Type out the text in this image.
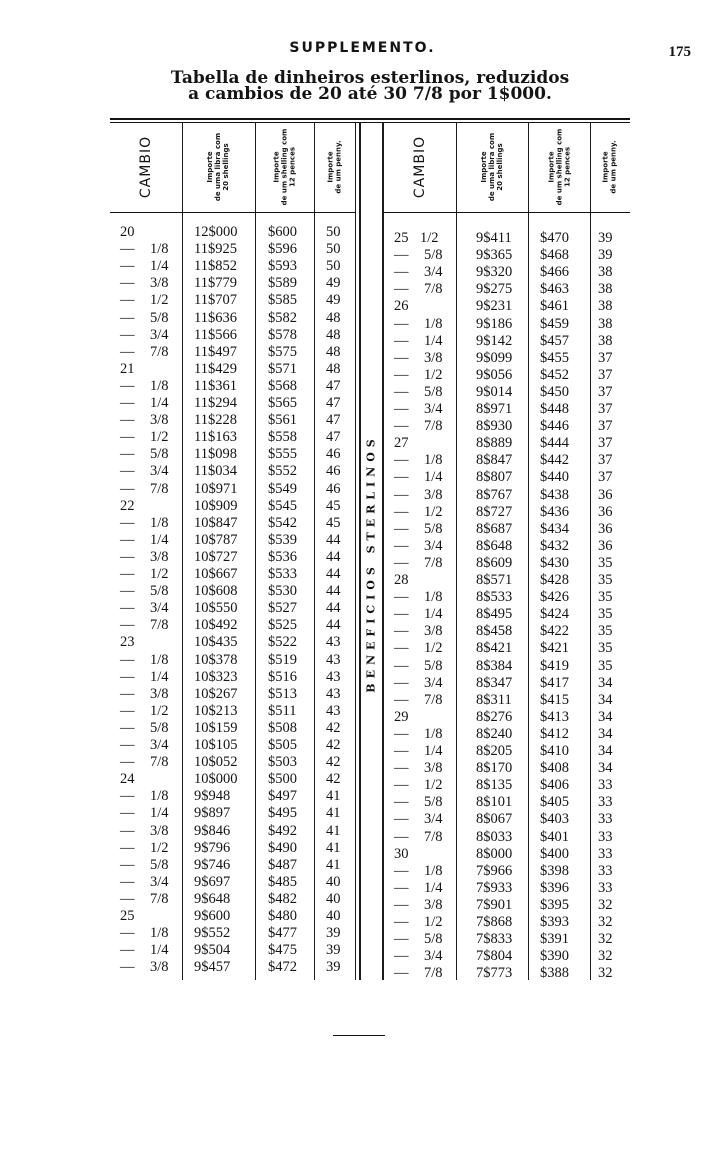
SUPPLEMENTO.	175
Tabella de dinheiros esterlinos, reduzidos
a cambios de 20 até 30 7/8 por 1$000.
CAMBIO	Importe de uma libra com 20 shellings	Importe de um shelling com 12 pences	Importe de um penny.	CAMBIO	Importe de uma libra com 20 shellings	Importe de um shelling com 12 pences	Importe de um penny.
BENEFICIOS STERLINOS
20	12$000 $600 50
— 1/8 11$925 $596 50
— 1/4 11$852 $593 50
— 3/8 11$779 $589 49
— 1/2 11$707 $585 49
— 5/8 11$636 $582 48
— 3/4 11$566 $578 48
— 7/8 11$497 $575 48
21	11$429 $571 48
— 1/8 11$361 $568 47
— 1/4 11$294 $565 47
— 3/8 11$228 $561 47
— 1/2 11$163 $558 47
— 5/8 11$098 $555 46
— 3/4 11$034 $552 46
— 7/8 10$971 $549 46
22	10$909 $545 45
— 1/8 10$847 $542 45
— 1/4 10$787 $539 44
— 3/8 10$727 $536 44
— 1/2 10$667 $533 44
— 5/8 10$608 $530 44
— 3/4 10$550 $527 44
— 7/8 10$492 $525 44
23	10$435 $522 43
— 1/8 10$378 $519 43
— 1/4 10$323 $516 43
— 3/8 10$267 $513 43
— 1/2 10$213 $511 43
— 5/8 10$159 $508 42
— 3/4 10$105 $505 42
— 7/8 10$052 $503 42
24	10$000 $500 42
— 1/8 9$948	$497 41
— 1/4 9$897	$495 41
— 3/8 9$846	$492 41
— 1/2 9$796	$490 41
— 5/8 9$746	$487 41
— 3/4 9$697	$485 40
— 7/8 9$648	$482 40
25	9$600	$480 40
— 1/8 9$552	$477 39
— 1/4 9$504	$475 39
— 3/8 9$457	$472 39
25 1/2	9$411 $470 39
— 5/8 9$365 $468 39
— 3/4 9$320 $466 38
— 7/8 9$275 $463 38
26	9$231 $461 38
— 1/8 9$186 $459 38
— 1/4 9$142 $457 38
— 3/8 9$099 $455 37
— 1/2 9$056 $452 37
— 5/8 9$014 $450 37
— 3/4 8$971 $448 37
— 7/8 8$930 $446 37
27	8$889 $444 37
— 1/8 8$847 $442 37
— 1/4 8$807 $440 37
— 3/8 8$767 $438 36
— 1/2 8$727 $436 36
— 5/8 8$687 $434 36
— 3/4 8$648 $432 36
— 7/8 8$609 $430 35
28	8$571 $428 35
— 1/8 8$533 $426 35
— 1/4 8$495 $424 35
— 3/8 8$458 $422 35
— 1/2 8$421 $421 35
— 5/8 8$384 $419 35
— 3/4 8$347 $417 34
— 7/8 8$311 $415 34
29	8$276 $413 34
— 1/8 8$240 $412 34
— 1/4 8$205 $410 34
— 3/8 8$170 $408 34
— 1/2 8$135 $406 33
— 5/8 8$101 $405 33
— 3/4 8$067 $403 33
— 7/8 8$033 $401 33
30	8$000 $400 33
— 1/8 7$966 $398 33
— 1/4 7$933 $396 33
— 3/8 7$901 $395 32
— 1/2 7$868 $393 32
— 5/8 7$833 $391 32
— 3/4 7$804 $390 32
— 7/8 7$773 $388 32
